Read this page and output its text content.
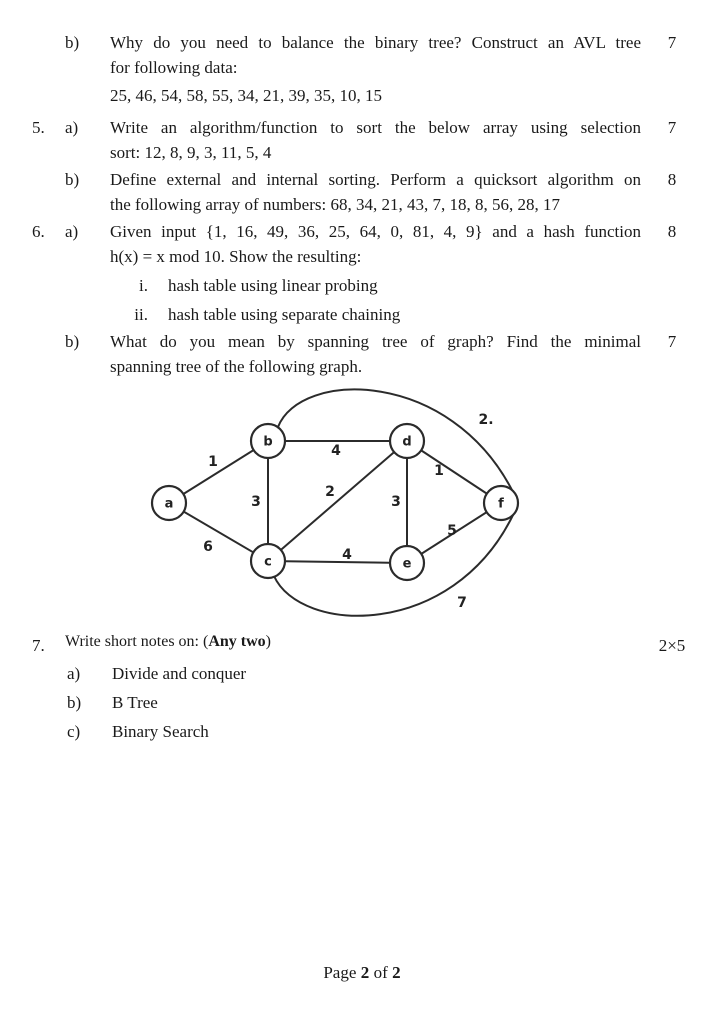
b) Why do you need to balance the binary tree? Construct an AVL tree
for following data:
7
25, 46, 54, 58, 55, 34, 21, 39, 35, 10, 15
5. a) Write an algorithm/function to sort the below array using selection
sort: 12, 8, 9, 3, 11, 5, 4
7
b) Define external and internal sorting. Perform a quicksort algorithm on
the following array of numbers: 68, 34, 21, 43, 7, 18, 8, 56, 28, 17
8
6. a) Given input {1, 16, 49, 36, 25, 64, 0, 81, 4, 9} and a hash function
h(x) = x mod 10. Show the resulting:
8
i. hash table using linear probing
ii. hash table using separate chaining
b) What do you mean by spanning tree of graph? Find the minimal
spanning tree of the following graph.
7
a
b
c
d
e
f
1
6
3
4
2
4
3
1
5
2.
7
7. Write short notes on: (Any two)	2×5
a) Divide and conquer
b) B Tree
c) Binary Search
Page 2 of 2
